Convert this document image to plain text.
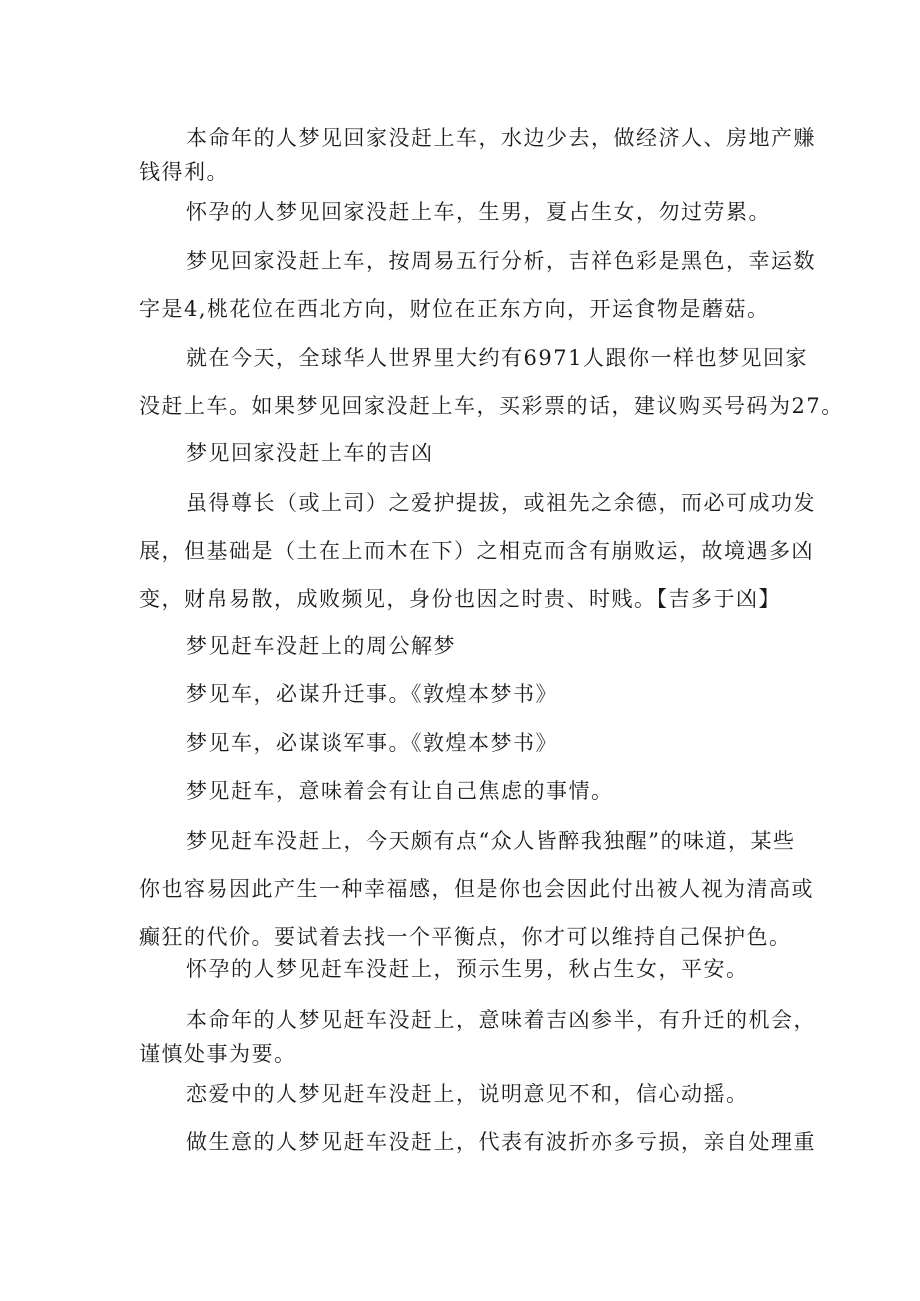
本命年的人梦见回家没赶上车，水边少去，做经济人、房地产赚
钱得利。

怀孕的人梦见回家没赶上车，生男，夏占生女，勿过劳累。

梦见回家没赶上车，按周易五行分析，吉祥色彩是黑色，幸运数
字是4,桃花位在西北方向，财位在正东方向，开运食物是蘑菇。

就在今天，全球华人世界里大约有6971人跟你一样也梦见回家
没赶上车。如果梦见回家没赶上车，买彩票的话，建议购买号码为27。

梦见回家没赶上车的吉凶

虽得尊长（或上司）之爱护提拔，或祖先之余德，而必可成功发
展，但基础是（土在上而木在下）之相克而含有崩败运，故境遇多凶
变，财帛易散，成败频见，身份也因之时贵、时贱。【吉多于凶】

梦见赶车没赶上的周公解梦

梦见车，必谋升迁事。《敦煌本梦书》

梦见车，必谋谈军事。《敦煌本梦书》

梦见赶车，意味着会有让自己焦虑的事情。

梦见赶车没赶上，今天颇有点“众人皆醉我独醒”的味道，某些
你也容易因此产生一种幸福感，但是你也会因此付出被人视为清高或
癫狂的代价。要试着去找一个平衡点，你才可以维持自己保护色。

怀孕的人梦见赶车没赶上，预示生男，秋占生女，平安。

本命年的人梦见赶车没赶上，意味着吉凶参半，有升迁的机会，
谨慎处事为要。

恋爱中的人梦见赶车没赶上，说明意见不和，信心动摇。

做生意的人梦见赶车没赶上，代表有波折亦多亏损，亲自处理重
